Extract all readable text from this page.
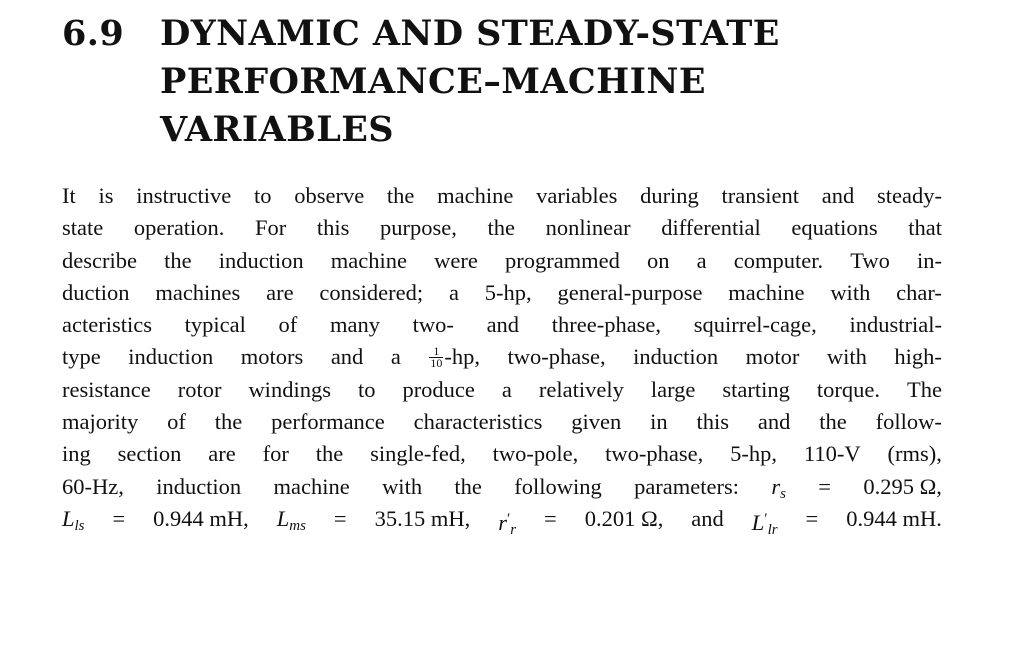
6.9 DYNAMIC AND STEADY-STATE
PERFORMANCE–MACHINE
VARIABLES
It is instructive to observe the machine variables during transient and steady-
state operation. For this purpose, the nonlinear differential equations that
describe the induction machine were programmed on a computer. Two in-
duction machines are considered; a 5-hp, general-purpose machine with char-
acteristics typical of many two- and three-phase, squirrel-cage, industrial-
type induction motors and a $\frac{1}{10} -hp$, two-phase, induction motor with high-
resistance rotor windings to produce a relatively large starting torque. The
majority of the performance characteristics given in this and the follow-
ing section are for the single-fed, two-pole, two-phase, 5-hp, 110-V (rms),
60-Hz, induction machine with the following parameters: $r_s = 0.295$ Ω,
$L_{ls} = 0.944$ mH, $L_{ms} = 35.15$ mH, $r'_r = 0.201$ Ω, and $L'_{lr} = 0.944$ mH.
